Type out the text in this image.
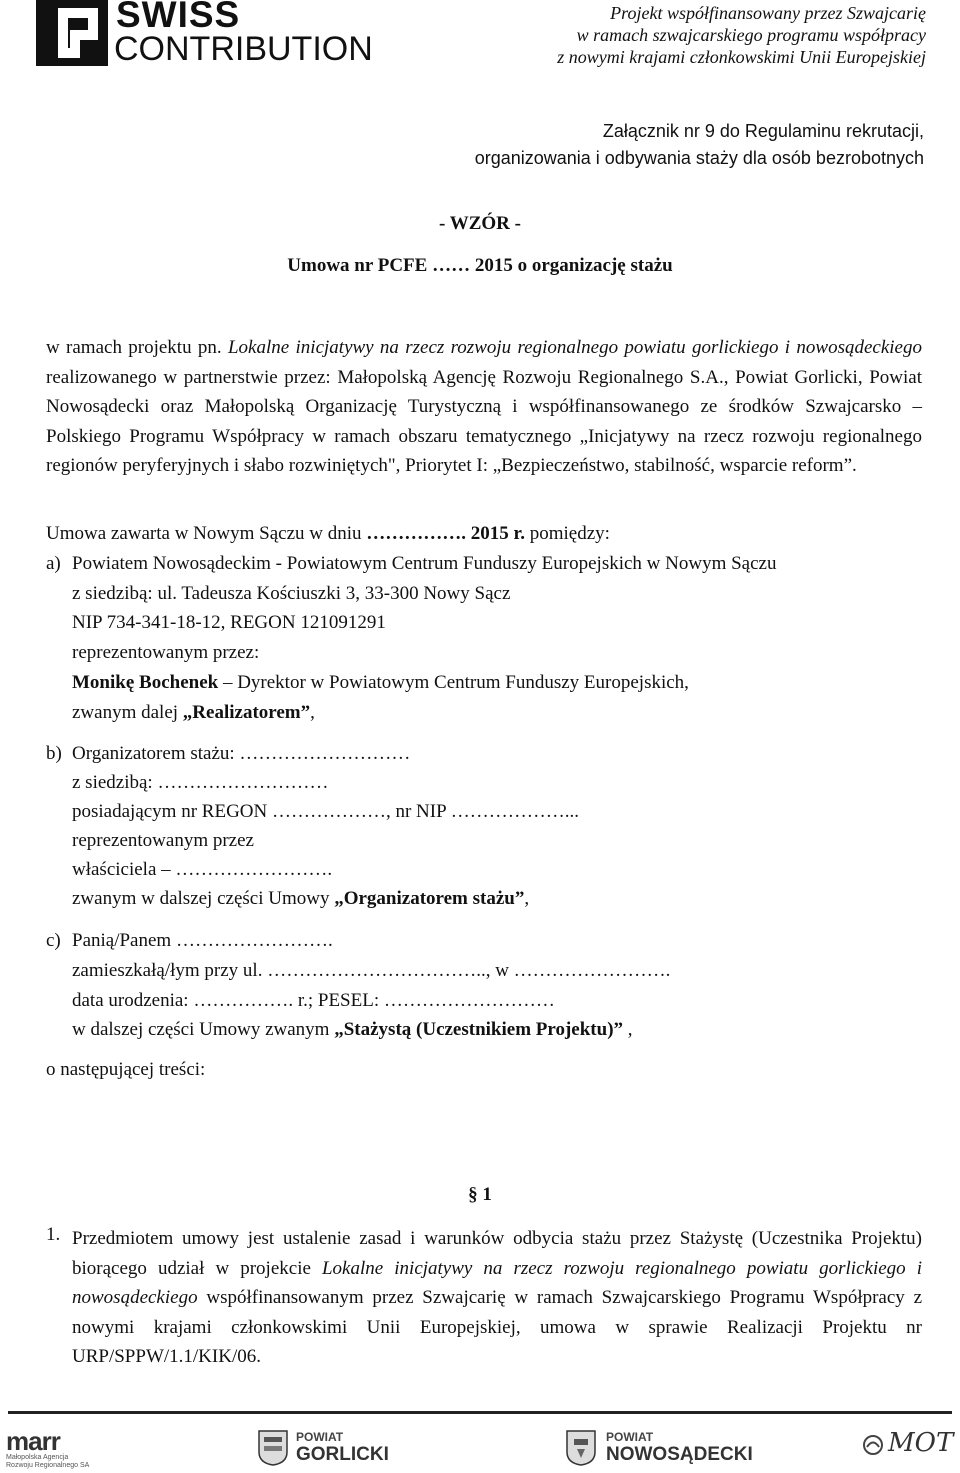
SWISS
CONTRIBUTION
Projekt współfinansowany przez Szwajcarię
w ramach szwajcarskiego programu współpracy
z nowymi krajami członkowskimi Unii Europejskiej
Załącznik nr 9 do Regulaminu rekrutacji,
organizowania i odbywania staży dla osób bezrobotnych
- WZÓR -
Umowa nr PCFE …… 2015 o organizację stażu
w ramach projektu pn. Lokalne inicjatywy na rzecz rozwoju regionalnego powiatu gorlickiego i nowosądeckiego realizowanego w partnerstwie przez: Małopolską Agencję Rozwoju Regionalnego S.A., Powiat Gorlicki, Powiat Nowosądecki oraz Małopolską Organizację Turystyczną i współfinansowanego ze środków Szwajcarsko – Polskiego Programu Współpracy w ramach obszaru tematycznego „Inicjatywy na rzecz rozwoju regionalnego regionów peryferyjnych i słabo rozwiniętych", Priorytet I: „Bezpieczeństwo, stabilność, wsparcie reform”.
Umowa zawarta w Nowym Sączu w dniu ……………. 2015 r. pomiędzy:
a) Powiatem Nowosądeckim - Powiatowym Centrum Funduszy Europejskich w Nowym Sączu
z siedzibą: ul. Tadeusza Kościuszki 3, 33-300 Nowy Sącz
NIP 734-341-18-12, REGON 121091291
reprezentowanym przez:
Monikę Bochenek – Dyrektor w Powiatowym Centrum Funduszy Europejskich,
zwanym dalej „Realizatorem”,
b) Organizatorem stażu: ………………………
z siedzibą: ………………………
posiadającym nr REGON ………………, nr NIP ………………...
reprezentowanym przez
właściciela – …………………….
zwanym w dalszej części Umowy „Organizatorem stażu”,
c) Panią/Panem …………………….
zamieszkałą/łym przy ul. …………………………….., w …………………….
data urodzenia: ……………. r.; PESEL: ………………………
w dalszej części Umowy zwanym „Stażystą (Uczestnikiem Projektu)” ,
o następującej treści:
§ 1
1. Przedmiotem umowy jest ustalenie zasad i warunków odbycia stażu przez Stażystę (Uczestnika Projektu) biorącego udział w projekcie Lokalne inicjatywy na rzecz rozwoju regionalnego powiatu gorlickiego i nowosądeckiego współfinansowanym przez Szwajcarię w ramach Szwajcarskiego Programu Współpracy z nowymi krajami członkowskimi Unii Europejskiej, umowa w sprawie Realizacji Projektu nr URP/SPPW/1.1/KIK/06.
marr
Małopolska Agencja
Rozwoju Regionalnego SA
POWIAT
GORLICKI
POWIAT
NOWOSĄDECKI	MOT
